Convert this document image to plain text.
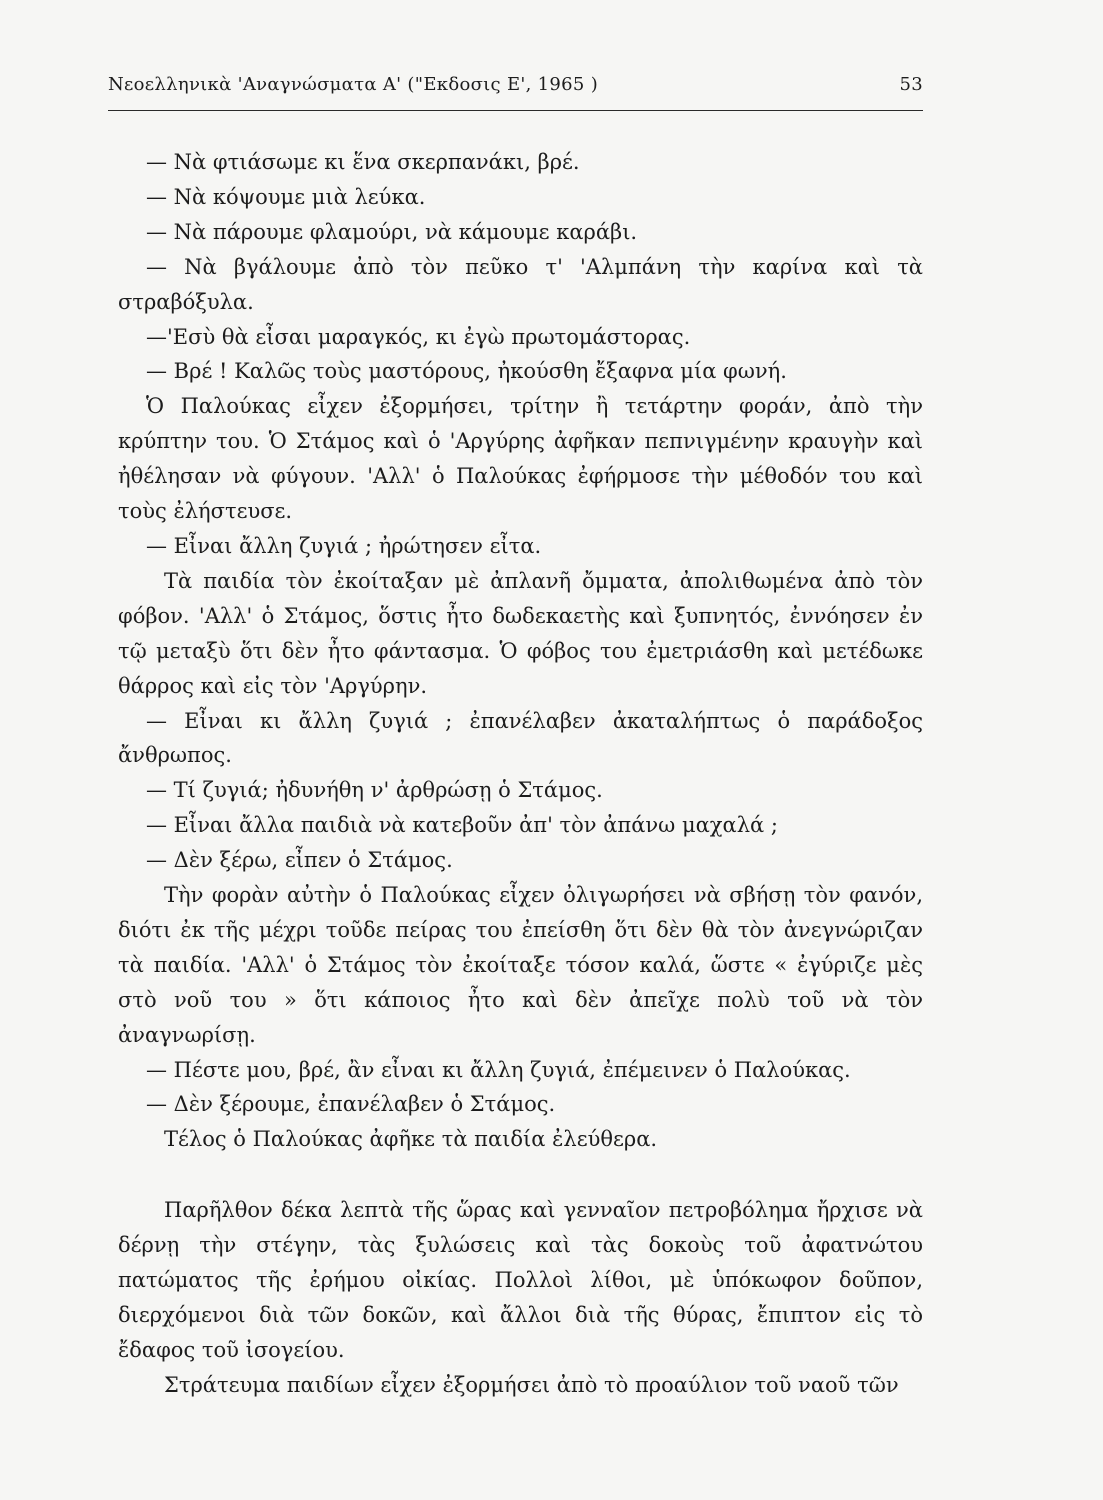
Νεοελληνικὰ 'Αναγνώσματα Α' ("Εκδοσις Ε', 1965 )	53

— Νὰ φτιάσωμε κι ἕνα σκερπανάκι, βρέ.

— Νὰ κόψουμε μιὰ λεύκα.

— Νὰ πάρουμε φλαμούρι, νὰ κάμουμε καράβι.

— Νὰ βγάλουμε ἀπὸ τὸν πεῦκο τ' 'Αλμπάνη τὴν καρίνα καὶ τὰ στραβόξυλα.

—'Εσὺ θὰ εἶσαι μαραγκός, κι ἐγὼ πρωτομάστορας.

— Βρέ ! Καλῶς τοὺς μαστόρους, ἠκούσθη ἔξαφνα μία φωνή.

Ὁ Παλούκας εἶχεν ἐξορμήσει, τρίτην ἢ τετάρτην φοράν, ἀπὸ τὴν κρύπτην του. Ὁ Στάμος καὶ ὁ 'Αργύρης ἀφῆκαν πεπνιγμένην κραυγὴν καὶ ἠθέλησαν νὰ φύγουν. 'Αλλ' ὁ Παλούκας ἐφήρμοσε τὴν μέθοδόν του καὶ τοὺς ἐλήστευσε.

— Εἶναι ἄλλη ζυγιά ; ἠρώτησεν εἶτα.

Τὰ παιδία τὸν ἐκοίταξαν μὲ ἀπλανῆ ὄμματα, ἀπολιθωμένα ἀπὸ τὸν φόβον. 'Αλλ' ὁ Στάμος, ὅστις ἦτο δωδεκαετὴς καὶ ξυπνητός, ἐννόησεν ἐν τῷ μεταξὺ ὅτι δὲν ἦτο φάντασμα. Ὁ φόβος του ἐμετριάσθη καὶ μετέδωκε θάρρος καὶ εἰς τὸν 'Αργύρην.

— Εἶναι κι ἄλλη ζυγιά ; ἐπανέλαβεν ἀκαταλήπτως ὁ παράδοξος ἄνθρωπος.

— Τί ζυγιά; ἠδυνήθη ν' ἀρθρώσῃ ὁ Στάμος.

— Εἶναι ἄλλα παιδιὰ νὰ κατεβοῦν ἀπ' τὸν ἀπάνω μαχαλά ;

— Δὲν ξέρω, εἶπεν ὁ Στάμος.

Τὴν φορὰν αὐτὴν ὁ Παλούκας εἶχεν ὀλιγωρήσει νὰ σβήσῃ τὸν φανόν, διότι ἐκ τῆς μέχρι τοῦδε πείρας του ἐπείσθη ὅτι δὲν θὰ τὸν ἀνεγνώριζαν τὰ παιδία. 'Αλλ' ὁ Στάμος τὸν ἐκοίταξε τόσον καλά, ὥστε « ἐγύριζε μὲς στὸ νοῦ του » ὅτι κάποιος ἦτο καὶ δὲν ἀπεῖχε πολὺ τοῦ νὰ τὸν ἀναγνωρίσῃ.

— Πέστε μου, βρέ, ἂν εἶναι κι ἄλλη ζυγιά, ἐπέμεινεν ὁ Παλούκας.

— Δὲν ξέρουμε, ἐπανέλαβεν ὁ Στάμος.

Τέλος ὁ Παλούκας ἀφῆκε τὰ παιδία ἐλεύθερα.

Παρῆλθον δέκα λεπτὰ τῆς ὥρας καὶ γενναῖον πετροβόλημα ἤρχισε νὰ δέρνῃ τὴν στέγην, τὰς ξυλώσεις καὶ τὰς δοκοὺς τοῦ ἀφατνώτου πατώματος τῆς ἐρήμου οἰκίας. Πολλοὶ λίθοι, μὲ ὑπόκωφον δοῦπον, διερχόμενοι διὰ τῶν δοκῶν, καὶ ἄλλοι διὰ τῆς θύρας, ἔπιπτον εἰς τὸ ἔδαφος τοῦ ἰσογείου.

Στράτευμα παιδίων εἶχεν ἐξορμήσει ἀπὸ τὸ προαύλιον τοῦ ναοῦ τῶν
